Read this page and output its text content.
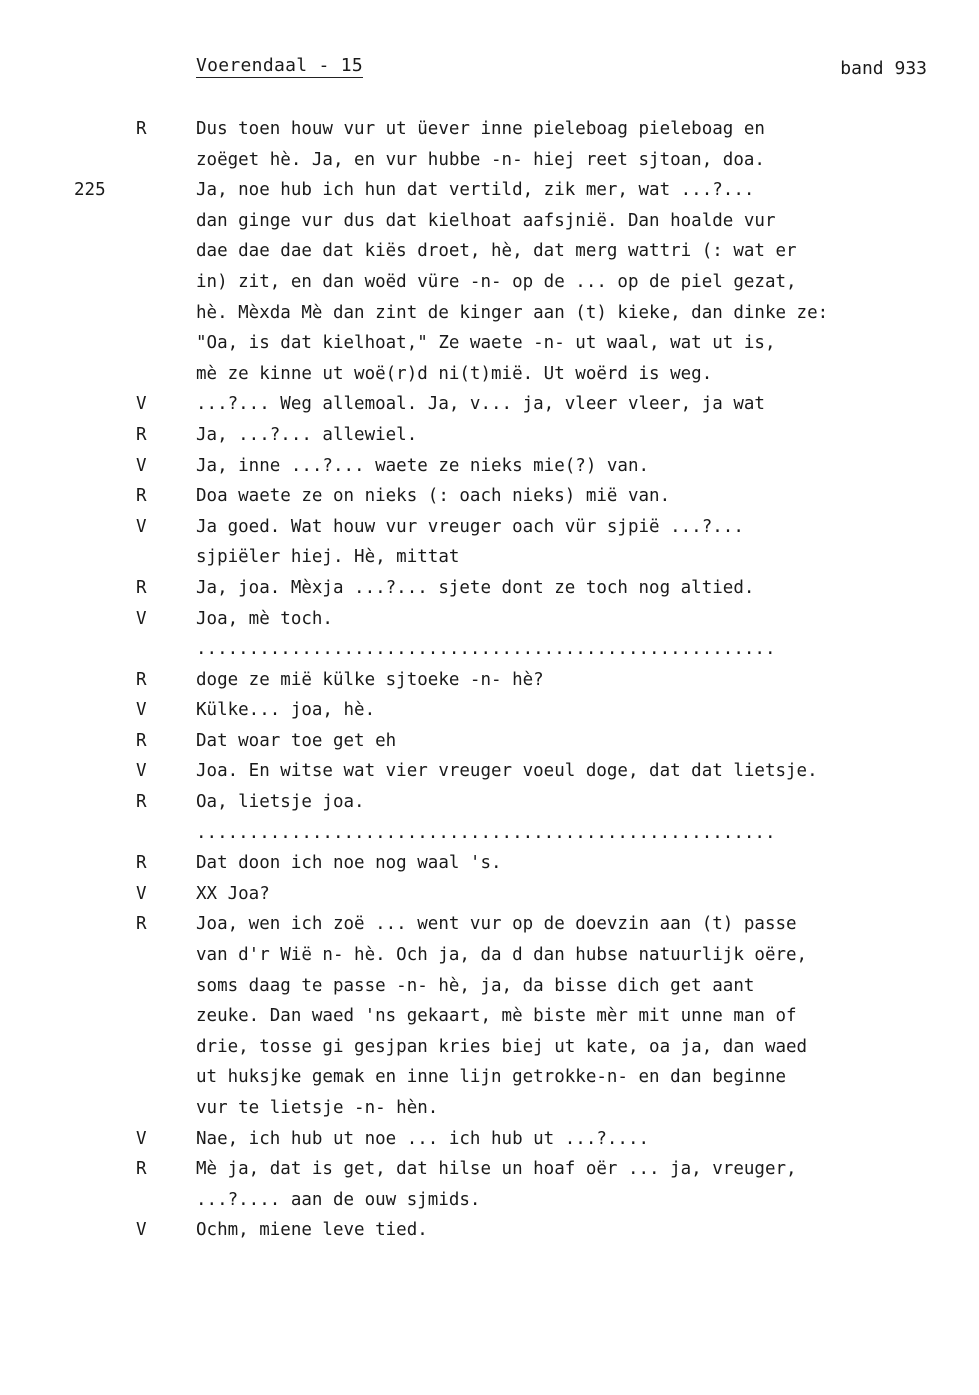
Voerendaal - 15	band 933
R	Dus toen houw vur ut üever inne pieleboag pieleboag en
zoëget hè. Ja, en vur hubbe -n- hiej reet sjtoan, doa.
225	Ja, noe hub ich hun dat vertild, zik mer, wat ...?...
dan ginge vur dus dat kielhoat aafsjnië. Dan hoalde vur
dae dae dae dat kiës droet, hè, dat merg wattri (: wat er
in) zit, en dan woëd vüre -n- op de ... op de piel gezat,
hè. Mèxda Mè dan zint de kinger aan (t) kieke, dan dinke ze:
"Oa, is dat kielhoat," Ze waete -n- ut waal, wat ut is,
mè ze kinne ut woë(r)d ni(t)mië. Ut woërd is weg.
V	...?... Weg allemoal. Ja, v... ja, vleer vleer, ja wat
R	Ja, ...?... allewiel.
V	Ja, inne ...?... waete ze nieks mie(?) van.
R	Doa waete ze on nieks (: oach nieks) mië van.
V	Ja goed. Wat houw vur vreuger oach vür sjpië ...?...
sjpiëler hiej. Hè, mittat
R	Ja, joa. Mèxja ...?... sjete dont ze toch nog altied.
V	Joa, mè toch.
.......................................................
R	doge ze mië külke sjtoeke -n- hè?
V	Külke... joa, hè.
R	Dat woar toe get eh
V	Joa. En witse wat vier vreuger voeul doge, dat dat lietsje.
R	Oa, lietsje joa.
.......................................................
R	Dat doon ich noe nog waal 's.
V	XX Joa?
R	Joa, wen ich zoë ... went vur op de doevzin aan (t) passe
van d'r Wië n- hè. Och ja, da d dan hubse natuurlijk oëre,
soms daag te passe -n- hè, ja, da bisse dich get aant
zeuke. Dan waed 'ns gekaart, mè biste mèr mit unne man of
drie, tosse gi gesjpan kries biej ut kate, oa ja, dan waed
ut huksjke gemak en inne lijn getrokke-n- en dan beginne
vur te lietsje -n- hèn.
V	Nae, ich hub ut noe ... ich hub ut ...?....
R	Mè ja, dat is get, dat hilse un hoaf oër ... ja, vreuger,
...?.... aan de ouw sjmids.
V	Ochm, miene leve tied.
